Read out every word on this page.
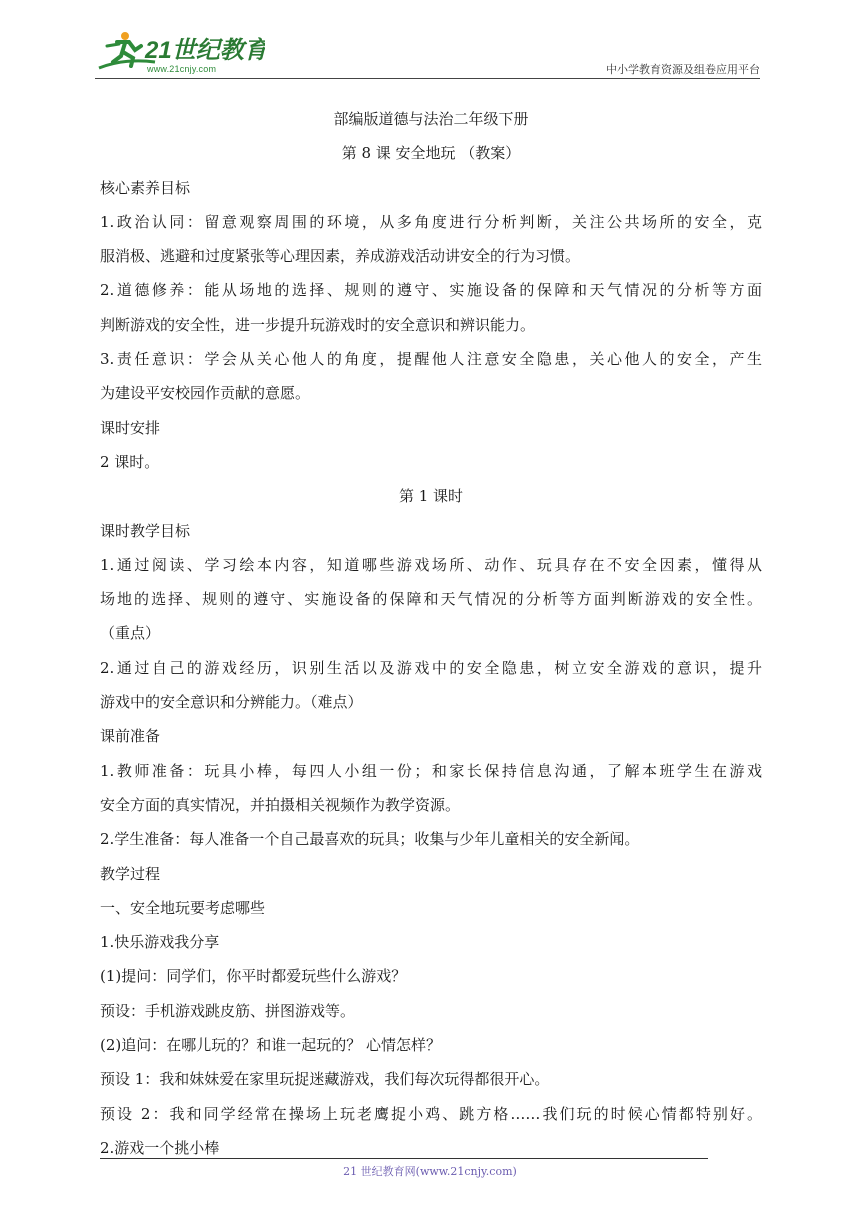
21世纪教育
www.21cnjy.com	中小学教育资源及组卷应用平台
部编版道德与法治二年级下册
第 8 课 安全地玩 （教案）
核心素养目标
1.政治认同：留意观察周围的环境，从多角度进行分析判断，关注公共场所的安全，克
服消极、逃避和过度紧张等心理因素，养成游戏活动讲安全的行为习惯。
2.道德修养：能从场地的选择、规则的遵守、实施设备的保障和天气情况的分析等方面
判断游戏的安全性，进一步提升玩游戏时的安全意识和辨识能力。
3.责任意识：学会从关心他人的角度，提醒他人注意安全隐患，关心他人的安全，产生
为建设平安校园作贡献的意愿。
课时安排
2 课时。
第 1 课时
课时教学目标
1.通过阅读、学习绘本内容，知道哪些游戏场所、动作、玩具存在不安全因素，懂得从
场地的选择、规则的遵守、实施设备的保障和天气情况的分析等方面判断游戏的安全性。
（重点）
2.通过自己的游戏经历，识别生活以及游戏中的安全隐患，树立安全游戏的意识，提升
游戏中的安全意识和分辨能力。（难点）
课前准备
1.教师准备：玩具小棒，每四人小组一份；和家长保持信息沟通，了解本班学生在游戏
安全方面的真实情况，并拍摄相关视频作为教学资源。
2.学生准备：每人准备一个自己最喜欢的玩具；收集与少年儿童相关的安全新闻。
教学过程
一、安全地玩要考虑哪些
1.快乐游戏我分享
(1)提问：同学们，你平时都爱玩些什么游戏？
预设：手机游戏跳皮筋、拼图游戏等。
(2)追问：在哪儿玩的？和谁一起玩的？ 心情怎样？
预设 1：我和妹妹爱在家里玩捉迷藏游戏，我们每次玩得都很开心。
预设 2：我和同学经常在操场上玩老鹰捉小鸡、跳方格……我们玩的时候心情都特别好。
2.游戏一个挑小棒
21 世纪教育网(www.21cnjy.com)
